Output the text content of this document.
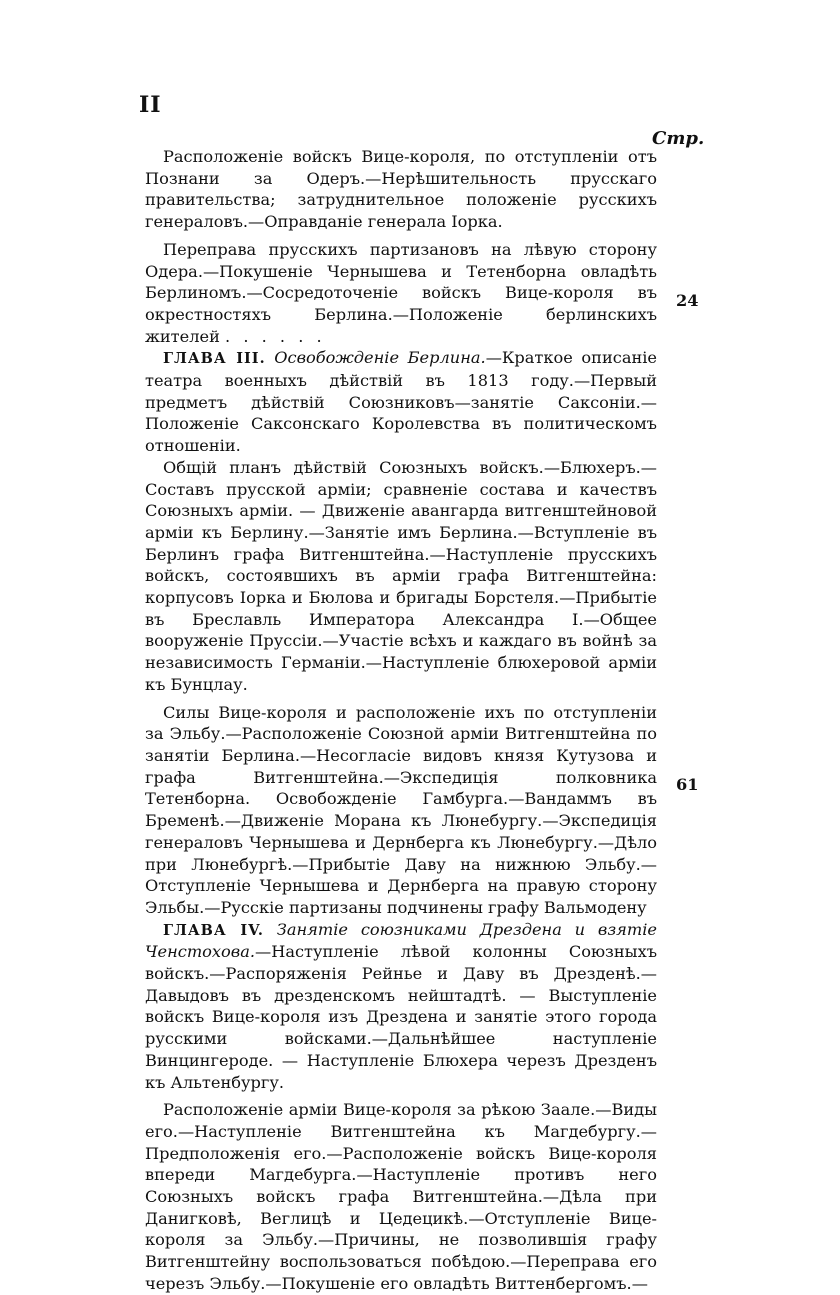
II
Стр.

Расположеніе войскъ Вице-короля, по отступленіи отъ Познани за Одеръ.—Нерѣшительность прусскаго правительства; затруднительное положеніе русскихъ генераловъ.—Оправданіе генерала Іорка.

Переправа прусскихъ партизановъ на лѣвую сторону Одера.—Покушеніе Чернышева и Тетенборна овладѣть Берлиномъ.—Сосредоточеніе войскъ Вице-короля въ окрестностяхъ Берлина.—Положеніе берлинскихъ жителей . . . . . .

ГЛАВА III. Освобожденіе Берлина.—Краткое описаніе театра военныхъ дѣйствій въ 1813 году.—Первый предметъ дѣйствій Союзниковъ—занятіе Саксоніи.—Положеніе Саксонскаго Королевства въ политическомъ отношеніи.

Общій планъ дѣйствій Союзныхъ войскъ.—Блюхеръ.—Составъ прусской арміи; сравненіе состава и качествъ Союзныхъ арміи. — Движеніе авангарда витгенштейновой арміи къ Берлину.—Занятіе имъ Берлина.—Вступленіе въ Берлинъ графа Витгенштейна.—Наступленіе прусскихъ войскъ, состоявшихъ въ арміи графа Витгенштейна: корпусовъ Іорка и Бюлова и бригады Борстеля.—Прибытіе въ Бреславль Императора Александра I.—Общее вооруженіе Пруссіи.—Участіе всѣхъ и каждаго въ войнѣ за независимость Германіи.—Наступленіе блюхеровой арміи къ Бунцлау.

Силы Вице-короля и расположеніе ихъ по отступленіи за Эльбу.—Расположеніе Союзной арміи Витгенштейна по занятіи Берлина.—Несогласіе видовъ князя Кутузова и графа Витгенштейна.—Экспедиція полковника Тетенборна. Освобожденіе Гамбурга.—Вандаммъ въ Бременѣ.—Движеніе Морана къ Люнебургу.—Экспедиція генераловъ Чернышева и Дернберга къ Люнебургу.—Дѣло при Люнебургѣ.—Прибытіе Даву на нижнюю Эльбу.—Отступленіе Чернышева и Дернберга на правую сторону Эльбы.—Русскіе партизаны подчинены графу Вальмодену

ГЛАВА IV. Занятіе союзниками Дрездена и взятіе Ченстохова.—Наступленіе лѣвой колонны Союзныхъ войскъ.—Распоряженія Рейнье и Даву въ Дрезденѣ.—Давыдовъ въ дрезденскомъ нейштадтѣ. — Выступленіе войскъ Вице-короля изъ Дрездена и занятіе этого города русскими войсками.—Дальнѣйшее наступленіе Винцингероде. — Наступленіе Блюхера черезъ Дрезденъ къ Альтенбургу.

Расположеніе арміи Вице-короля за рѣкою Заале.—Виды его.—Наступленіе Витгенштейна къ Магдебургу.—Предположенія его.—Расположеніе войскъ Вице-короля впереди Магдебурга.—Наступленіе противъ него Союзныхъ войскъ графа Витгенштейна.—Дѣла при Данигковѣ, Веглицѣ и Цедецикѣ.—Отступленіе Вице-короля за Эльбу.—Причины, не позволившія графу Витгенштейну воспользоваться побѣдою.—Переправа его черезъ Эльбу.—Покушеніе его овладѣть Виттенбергомъ.—

24
61
